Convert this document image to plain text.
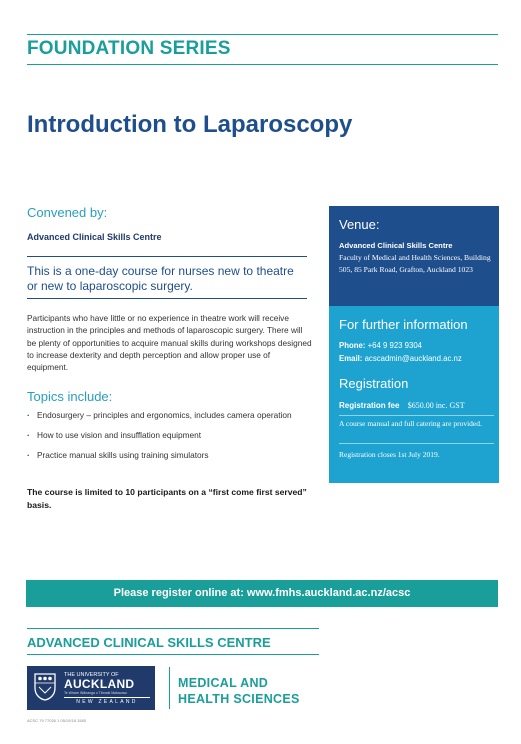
FOUNDATION SERIES
Introduction to Laparoscopy
Convened by:
Advanced Clinical Skills Centre
This is a one-day course for nurses new to theatre or new to laparoscopic surgery.
Participants who have little or no experience in theatre work will receive instruction in the principles and methods of laparoscopic surgery. There will be plenty of opportunities to acquire manual skills during workshops designed to increase dexterity and depth perception and allow proper use of equipment.
Topics include:
· Endosurgery – principles and ergonomics, includes camera operation
· How to use vision and insufflation equipment
· Practice manual skills using training simulators
The course is limited to 10 participants on a “first come first served” basis.
Venue:
Advanced Clinical Skills Centre
Faculty of Medical and Health Sciences, Building 505, 85 Park Road, Grafton, Auckland 1023
For further information
Phone: +64 9 923 9304
Email: acscadmin@auckland.ac.nz
Registration
Registration fee $650.00 inc. GST
A course manual and full catering are provided.
Registration closes 1st July 2019.
Please register online at: www.fmhs.auckland.ac.nz/acsc
ADVANCED CLINICAL SKILLS CENTRE
THE UNIVERSITY OF
AUCKLAND
Te Whare Wānanga o Tāmaki Makaurau
NEW ZEALAND
MEDICAL AND
HEALTH SCIENCES
ACSC 79 77026 1 05/10/18 1585
